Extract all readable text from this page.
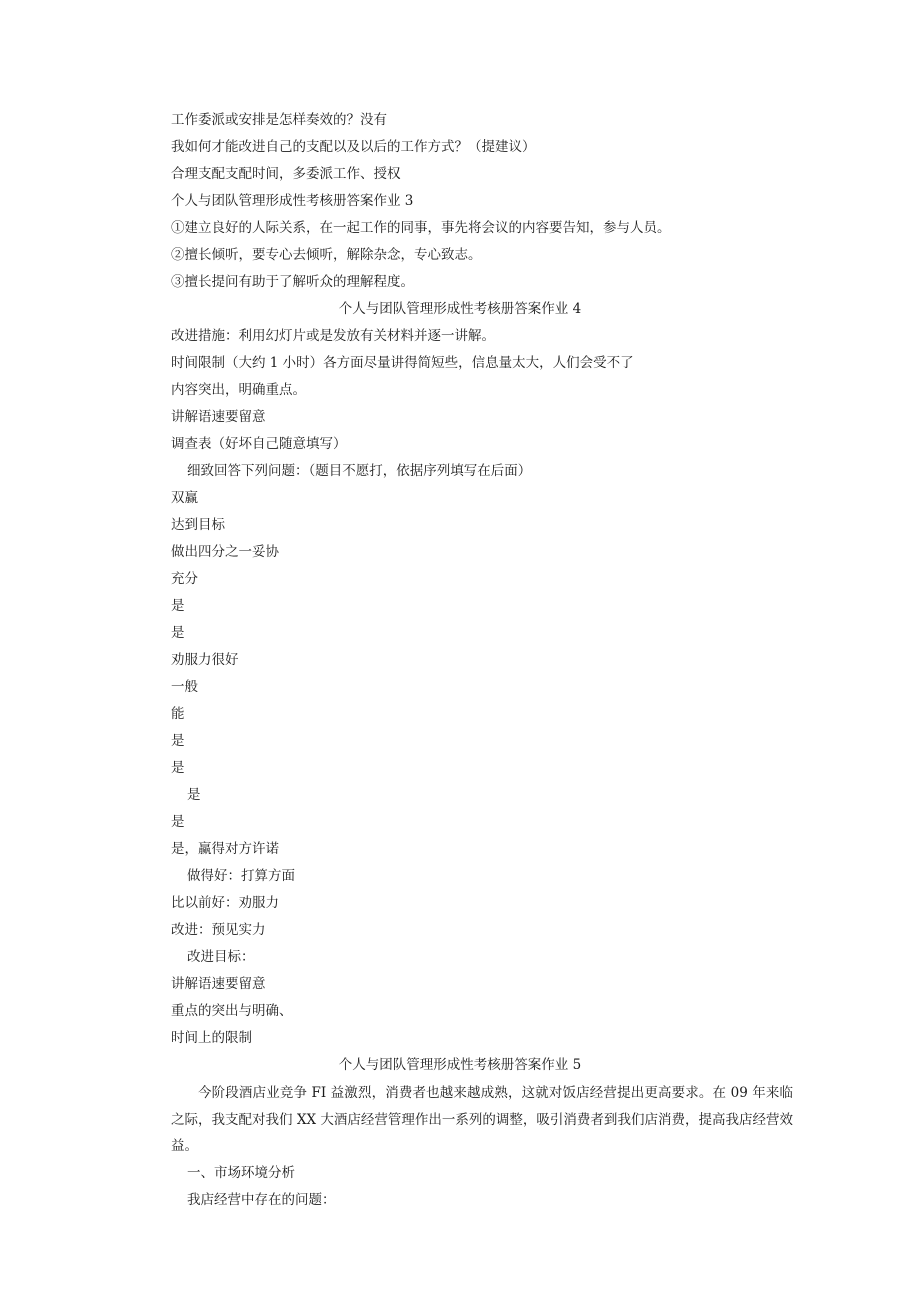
工作委派或安排是怎样奏效的？没有
我如何才能改进自己的支配以及以后的工作方式？（提建议）
合理支配支配时间，多委派工作、授权
个人与团队管理形成性考核册答案作业 3
①建立良好的人际关系，在一起工作的同事，事先将会议的内容要告知，参与人员。
②擅长倾听，要专心去倾听，解除杂念，专心致志。
③擅长提问有助于了解听众的理解程度。
个人与团队管理形成性考核册答案作业 4
改进措施：利用幻灯片或是发放有关材料并逐一讲解。
时间限制（大约 1 小时）各方面尽量讲得简短些，信息量太大，人们会受不了
内容突出，明确重点。
讲解语速要留意
调查表（好坏自己随意填写）
细致回答下列问题：（题目不愿打，依据序列填写在后面）
双赢
达到目标
做出四分之一妥协
充分
是
是
劝服力很好
一般
能
是
是
是
是
是，赢得对方许诺
做得好：打算方面
比以前好：劝服力
改进：预见实力
改进目标：
讲解语速要留意
重点的突出与明确、
时间上的限制
个人与团队管理形成性考核册答案作业 5
今阶段酒店业竞争 FI 益激烈，消费者也越来越成熟，这就对饭店经营提出更高要求。在 09 年来临之际，我支配对我们 XX 大酒店经营管理作出一系列的调整，吸引消费者到我们店消费，提高我店经营效益。
一、市场环境分析
我店经营中存在的问题：
